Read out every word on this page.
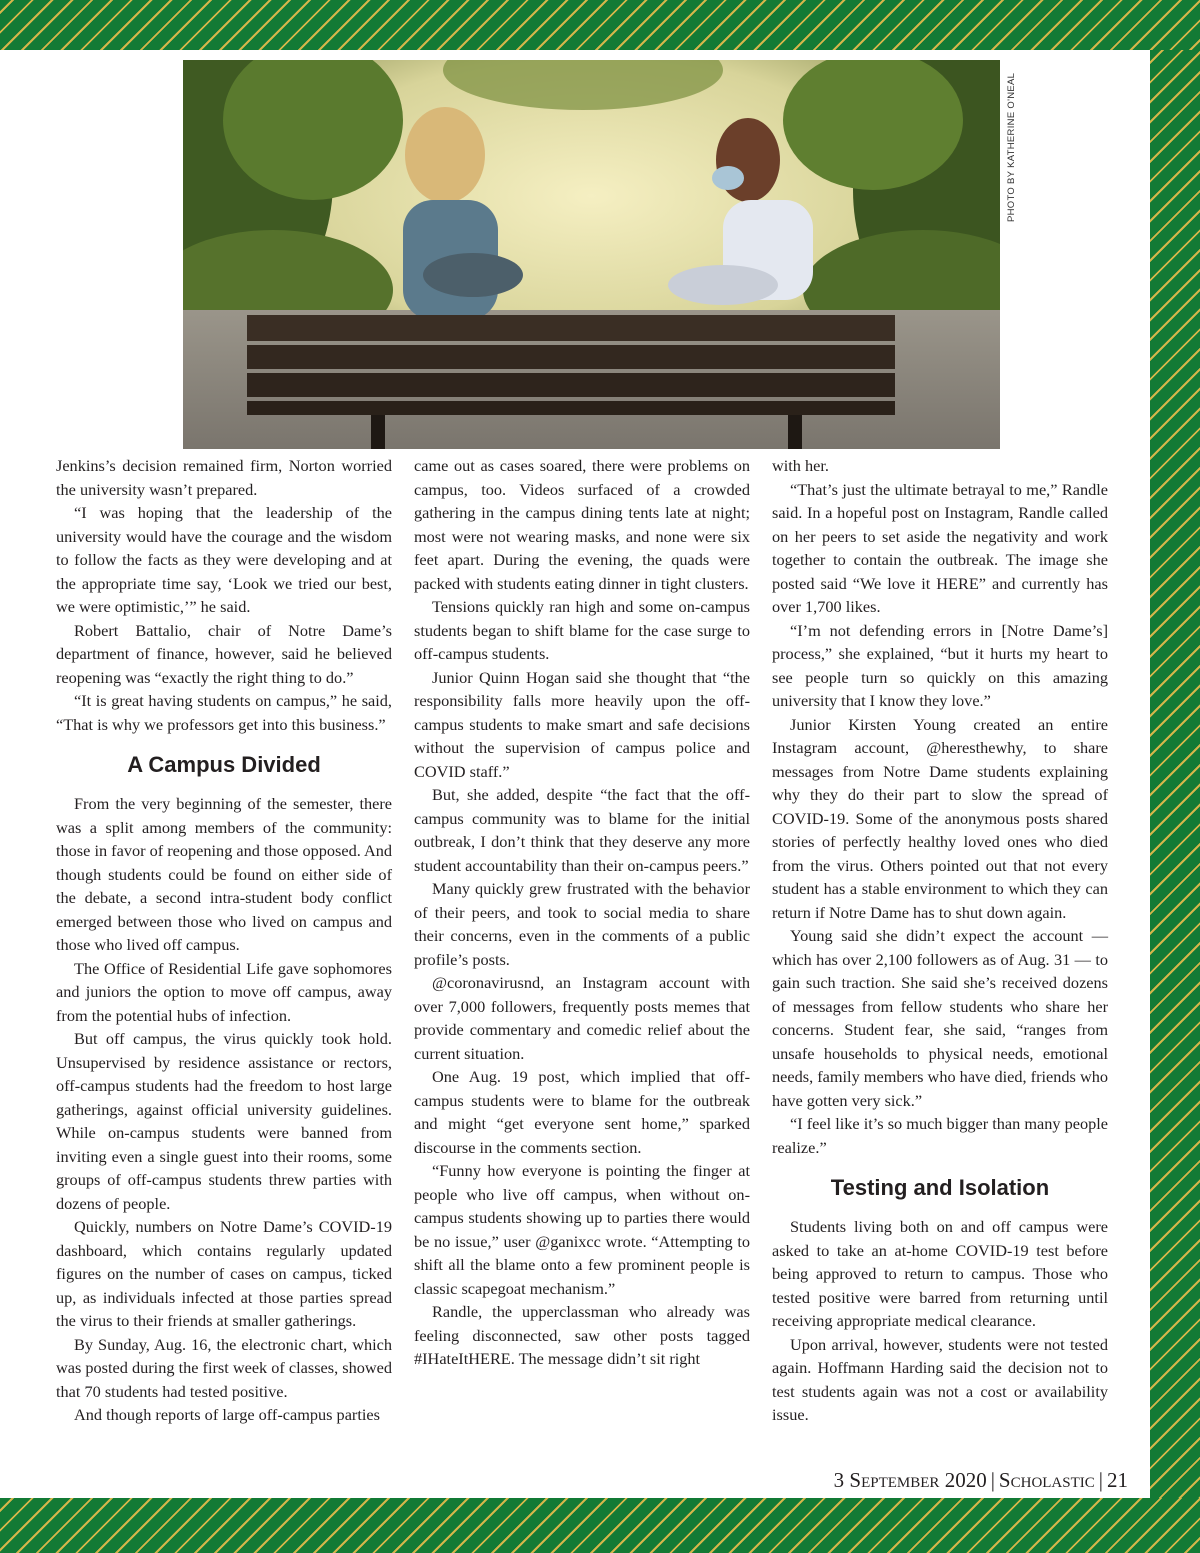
PHOTO BY KATHERINE O'NEAL

Jenkins’s decision remained firm, Norton worried the university wasn’t prepared.

“I was hoping that the leadership of the university would have the courage and the wisdom to follow the facts as they were developing and at the appropriate time say, ‘Look we tried our best, we were optimistic,’” he said.

Robert Battalio, chair of Notre Dame’s department of finance, however, said he believed reopening was “exactly the right thing to do.”

“It is great having students on campus,” he said, “That is why we professors get into this business.”

A Campus Divided

From the very beginning of the semester, there was a split among members of the community: those in favor of reopening and those opposed. And though students could be found on either side of the debate, a second intra-student body conflict emerged between those who lived on campus and those who lived off campus.

The Office of Residential Life gave sophomores and juniors the option to move off campus, away from the potential hubs of infection.

But off campus, the virus quickly took hold. Unsupervised by residence assistance or rectors, off-campus students had the freedom to host large gatherings, against official university guidelines. While on-campus students were banned from inviting even a single guest into their rooms, some groups of off-campus students threw parties with dozens of people.

Quickly, numbers on Notre Dame’s COVID-19 dashboard, which contains regularly updated figures on the number of cases on campus, ticked up, as individuals infected at those parties spread the virus to their friends at smaller gatherings.

By Sunday, Aug. 16, the electronic chart, which was posted during the first week of classes, showed that 70 students had tested positive.

And though reports of large off-campus parties

came out as cases soared, there were problems on campus, too. Videos surfaced of a crowded gathering in the campus dining tents late at night; most were not wearing masks, and none were six feet apart. During the evening, the quads were packed with students eating dinner in tight clusters.

Tensions quickly ran high and some on-campus students began to shift blame for the case surge to off-campus students.

Junior Quinn Hogan said she thought that “the responsibility falls more heavily upon the off-campus students to make smart and safe decisions without the supervision of campus police and COVID staff.”

But, she added, despite “the fact that the off-campus community was to blame for the initial outbreak, I don’t think that they deserve any more student accountability than their on-campus peers.”

Many quickly grew frustrated with the behavior of their peers, and took to social media to share their concerns, even in the comments of a public profile’s posts.

@coronavirusnd, an Instagram account with over 7,000 followers, frequently posts memes that provide commentary and comedic relief about the current situation.

One Aug. 19 post, which implied that off-campus students were to blame for the outbreak and might “get everyone sent home,” sparked discourse in the comments section.

“Funny how everyone is pointing the finger at people who live off campus, when without on-campus students showing up to parties there would be no issue,” user @ganixcc wrote. “Attempting to shift all the blame onto a few prominent people is classic scapegoat mechanism.”

Randle, the upperclassman who already was feeling disconnected, saw other posts tagged #IHateItHERE. The message didn’t sit right

with her.

“That’s just the ultimate betrayal to me,” Randle said. In a hopeful post on Instagram, Randle called on her peers to set aside the negativity and work together to contain the outbreak. The image she posted said “We love it HERE” and currently has over 1,700 likes.

“I’m not defending errors in [Notre Dame’s] process,” she explained, “but it hurts my heart to see people turn so quickly on this amazing university that I know they love.”

Junior Kirsten Young created an entire Instagram account, @heresthewhy, to share messages from Notre Dame students explaining why they do their part to slow the spread of COVID-19. Some of the anonymous posts shared stories of perfectly healthy loved ones who died from the virus. Others pointed out that not every student has a stable environment to which they can return if Notre Dame has to shut down again.

Young said she didn’t expect the account — which has over 2,100 followers as of Aug. 31 — to gain such traction. She said she’s received dozens of messages from fellow students who share her concerns. Student fear, she said, “ranges from unsafe households to physical needs, emotional needs, family members who have died, friends who have gotten very sick.”

“I feel like it’s so much bigger than many people realize.”

Testing and Isolation

Students living both on and off campus were asked to take an at-home COVID-19 test before being approved to return to campus. Those who tested positive were barred from returning until receiving appropriate medical clearance.

Upon arrival, however, students were not tested again. Hoffmann Harding said the decision not to test students again was not a cost or availability issue.

3 September 2020 | Scholastic | 21
